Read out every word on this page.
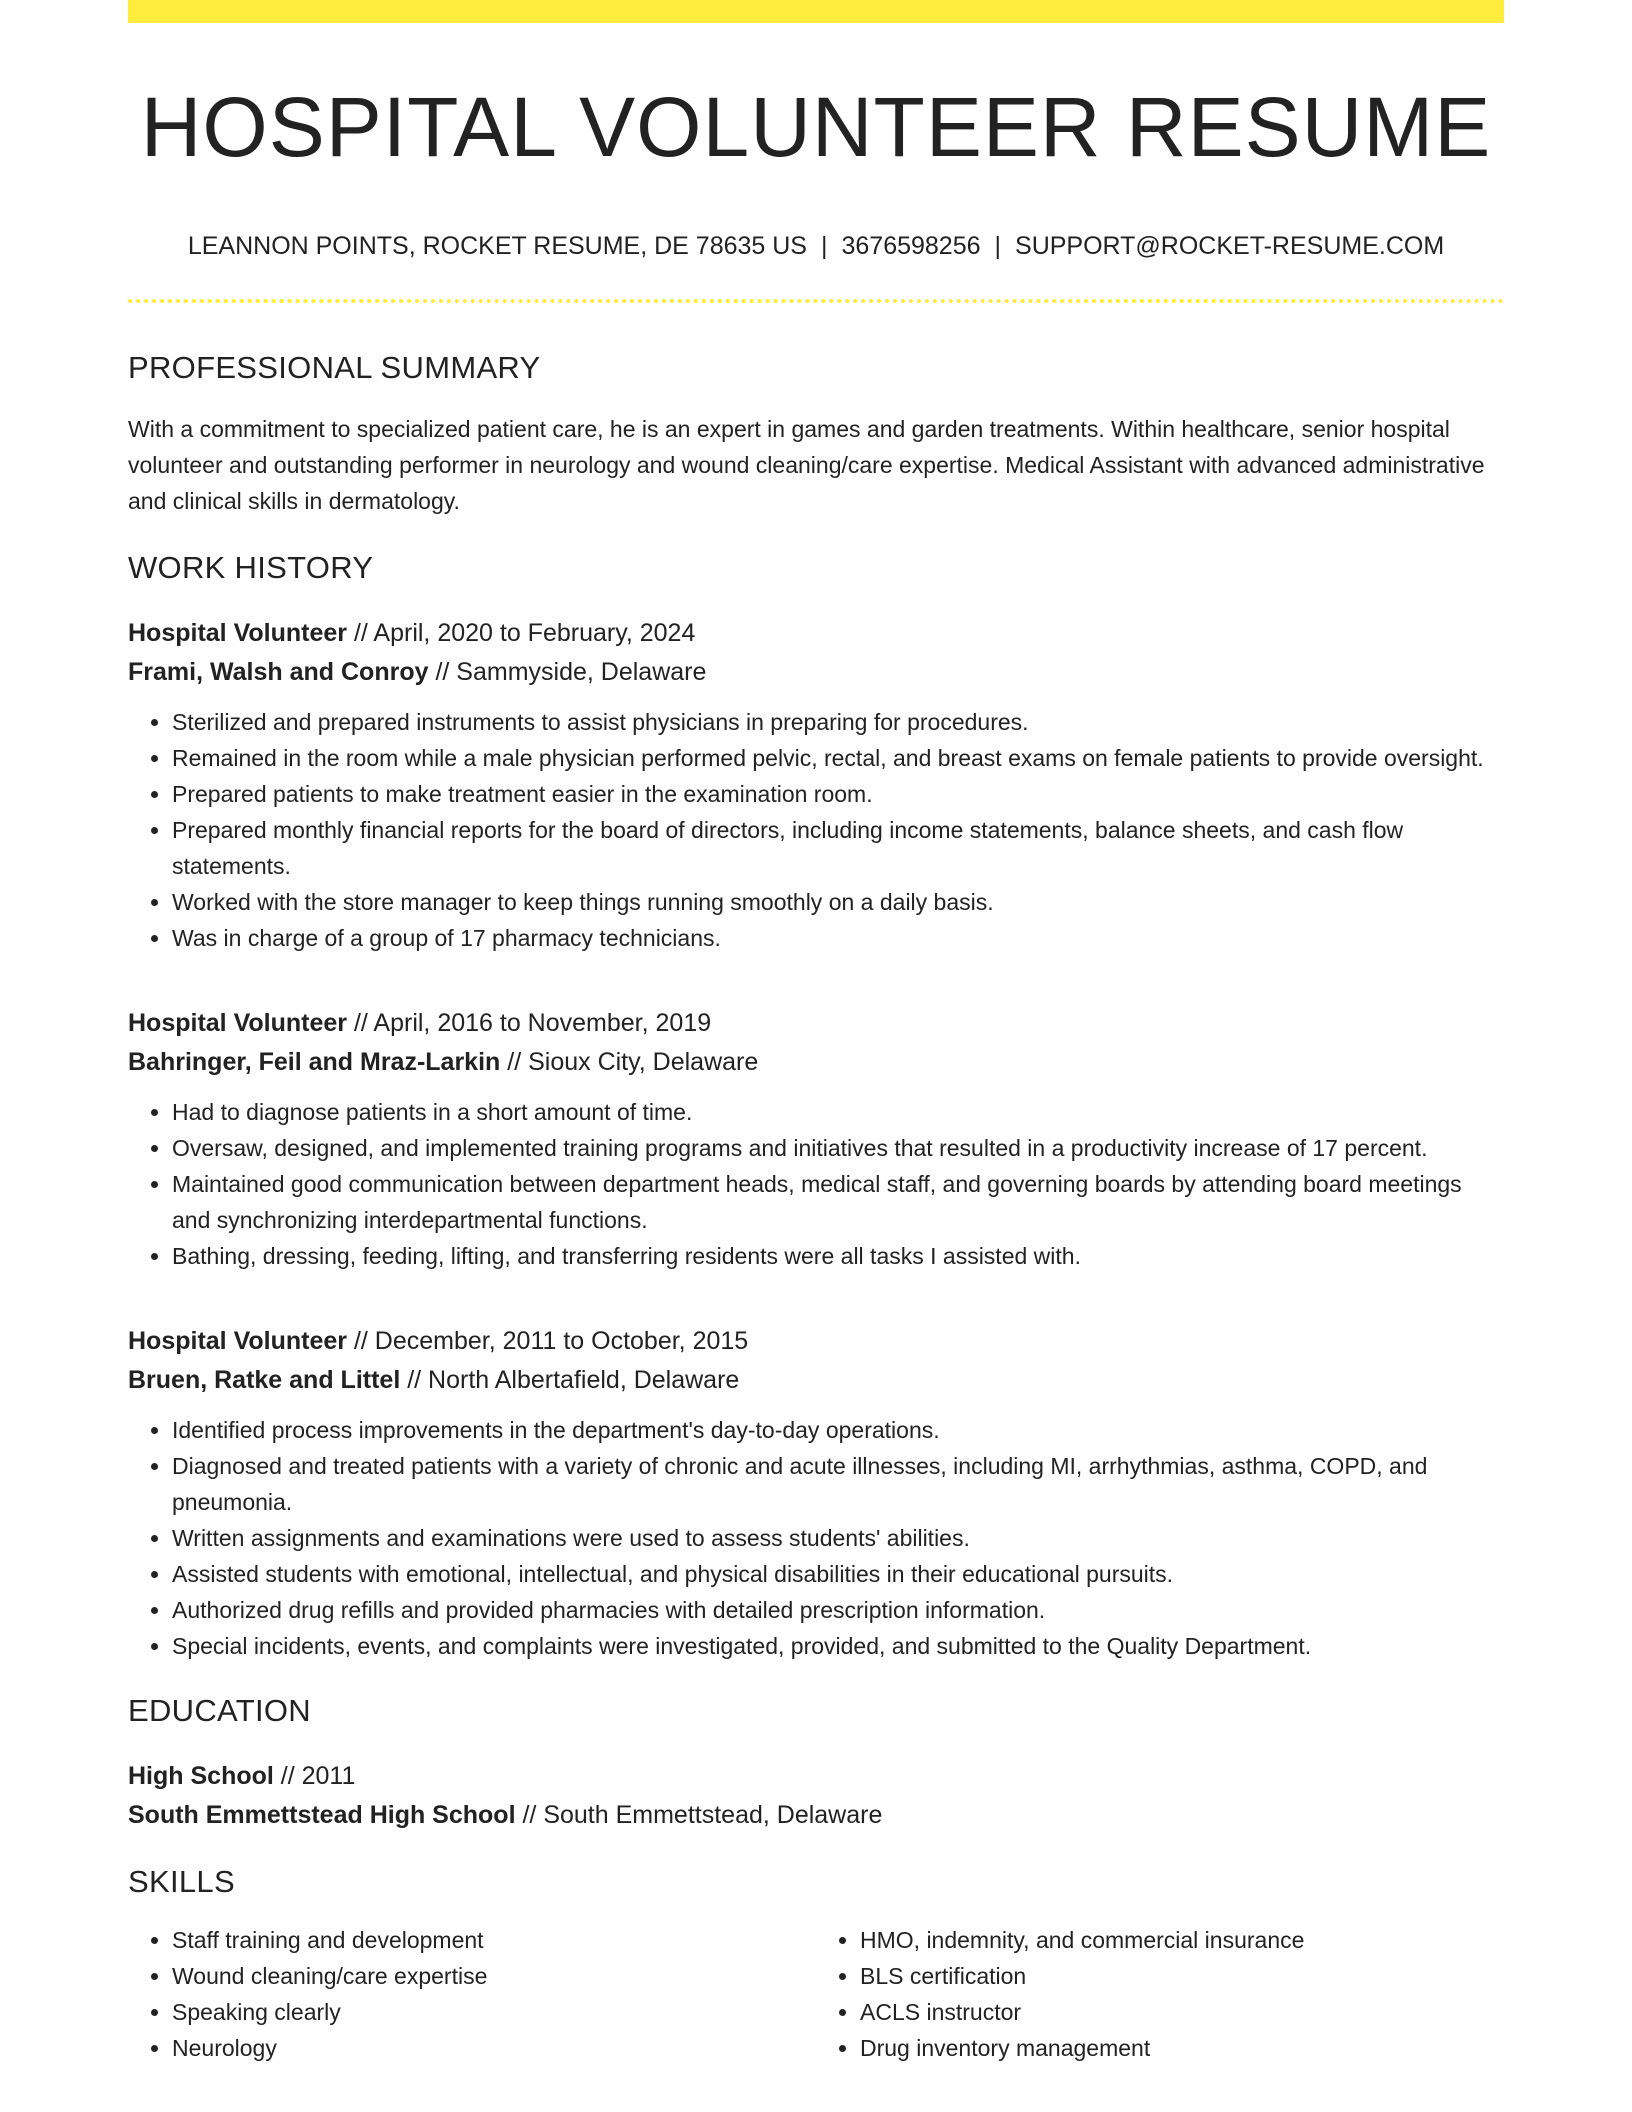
HOSPITAL VOLUNTEER RESUME
LEANNON POINTS, ROCKET RESUME, DE 78635 US | 3676598256 | SUPPORT@ROCKET-RESUME.COM
PROFESSIONAL SUMMARY
With a commitment to specialized patient care, he is an expert in games and garden treatments. Within healthcare, senior hospital volunteer and outstanding performer in neurology and wound cleaning/care expertise. Medical Assistant with advanced administrative and clinical skills in dermatology.
WORK HISTORY
Hospital Volunteer // April, 2020 to February, 2024
Frami, Walsh and Conroy // Sammyside, Delaware
• Sterilized and prepared instruments to assist physicians in preparing for procedures.
• Remained in the room while a male physician performed pelvic, rectal, and breast exams on female patients to provide oversight.
• Prepared patients to make treatment easier in the examination room.
• Prepared monthly financial reports for the board of directors, including income statements, balance sheets, and cash flow statements.
• Worked with the store manager to keep things running smoothly on a daily basis.
• Was in charge of a group of 17 pharmacy technicians.
Hospital Volunteer // April, 2016 to November, 2019
Bahringer, Feil and Mraz-Larkin // Sioux City, Delaware
• Had to diagnose patients in a short amount of time.
• Oversaw, designed, and implemented training programs and initiatives that resulted in a productivity increase of 17 percent.
• Maintained good communication between department heads, medical staff, and governing boards by attending board meetings and synchronizing interdepartmental functions.
• Bathing, dressing, feeding, lifting, and transferring residents were all tasks I assisted with.
Hospital Volunteer // December, 2011 to October, 2015
Bruen, Ratke and Littel // North Albertafield, Delaware
• Identified process improvements in the department's day-to-day operations.
• Diagnosed and treated patients with a variety of chronic and acute illnesses, including MI, arrhythmias, asthma, COPD, and pneumonia.
• Written assignments and examinations were used to assess students' abilities.
• Assisted students with emotional, intellectual, and physical disabilities in their educational pursuits.
• Authorized drug refills and provided pharmacies with detailed prescription information.
• Special incidents, events, and complaints were investigated, provided, and submitted to the Quality Department.
EDUCATION
High School // 2011
South Emmettstead High School // South Emmettstead, Delaware
SKILLS
• Staff training and development
• Wound cleaning/care expertise
• Speaking clearly
• Neurology
• HMO, indemnity, and commercial insurance
• BLS certification
• ACLS instructor
• Drug inventory management
